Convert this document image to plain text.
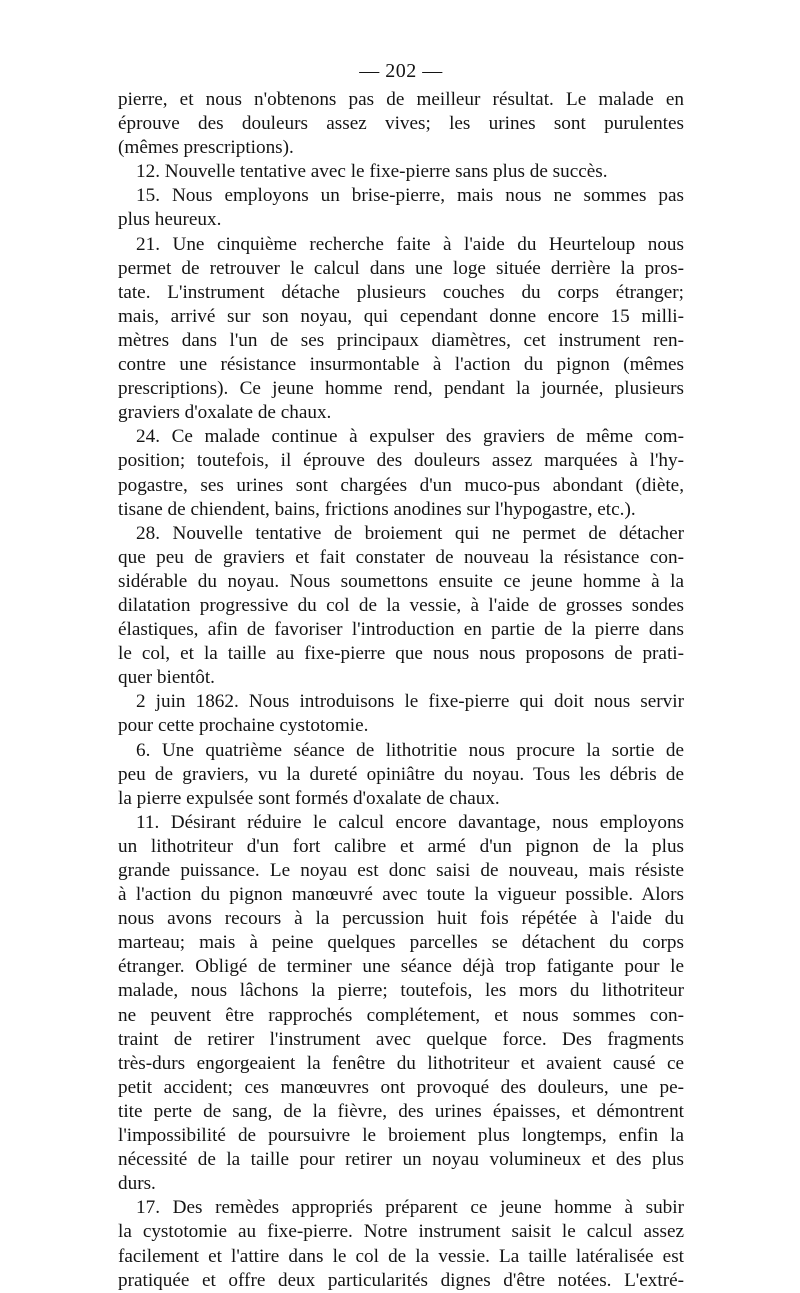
— 202 —
pierre, et nous n'obtenons pas de meilleur résultat. Le malade en
éprouve des douleurs assez vives; les urines sont purulentes
(mêmes prescriptions).
12. Nouvelle tentative avec le fixe-pierre sans plus de succès.
15. Nous employons un brise-pierre, mais nous ne sommes pas
plus heureux.
21. Une cinquième recherche faite à l'aide du Heurteloup nous
permet de retrouver le calcul dans une loge située derrière la pros-
tate. L'instrument détache plusieurs couches du corps étranger;
mais, arrivé sur son noyau, qui cependant donne encore 15 milli-
mètres dans l'un de ses principaux diamètres, cet instrument ren-
contre une résistance insurmontable à l'action du pignon (mêmes
prescriptions). Ce jeune homme rend, pendant la journée, plusieurs
graviers d'oxalate de chaux.
24. Ce malade continue à expulser des graviers de même com-
position; toutefois, il éprouve des douleurs assez marquées à l'hy-
pogastre, ses urines sont chargées d'un muco-pus abondant (diète,
tisane de chiendent, bains, frictions anodines sur l'hypogastre, etc.).
28. Nouvelle tentative de broiement qui ne permet de détacher
que peu de graviers et fait constater de nouveau la résistance con-
sidérable du noyau. Nous soumettons ensuite ce jeune homme à la
dilatation progressive du col de la vessie, à l'aide de grosses sondes
élastiques, afin de favoriser l'introduction en partie de la pierre dans
le col, et la taille au fixe-pierre que nous nous proposons de prati-
quer bientôt.
2 juin 1862. Nous introduisons le fixe-pierre qui doit nous servir
pour cette prochaine cystotomie.
6. Une quatrième séance de lithotritie nous procure la sortie de
peu de graviers, vu la dureté opiniâtre du noyau. Tous les débris de
la pierre expulsée sont formés d'oxalate de chaux.
11. Désirant réduire le calcul encore davantage, nous employons
un lithotriteur d'un fort calibre et armé d'un pignon de la plus
grande puissance. Le noyau est donc saisi de nouveau, mais résiste
à l'action du pignon manœuvré avec toute la vigueur possible. Alors
nous avons recours à la percussion huit fois répétée à l'aide du
marteau; mais à peine quelques parcelles se détachent du corps
étranger. Obligé de terminer une séance déjà trop fatigante pour le
malade, nous lâchons la pierre; toutefois, les mors du lithotriteur
ne peuvent être rapprochés complétement, et nous sommes con-
traint de retirer l'instrument avec quelque force. Des fragments
très-durs engorgeaient la fenêtre du lithotriteur et avaient causé ce
petit accident; ces manœuvres ont provoqué des douleurs, une pe-
tite perte de sang, de la fièvre, des urines épaisses, et démontrent
l'impossibilité de poursuivre le broiement plus longtemps, enfin la
nécessité de la taille pour retirer un noyau volumineux et des plus
durs.
17. Des remèdes appropriés préparent ce jeune homme à subir
la cystotomie au fixe-pierre. Notre instrument saisit le calcul assez
facilement et l'attire dans le col de la vessie. La taille latéralisée est
pratiquée et offre deux particularités dignes d'être notées. L'extré-
